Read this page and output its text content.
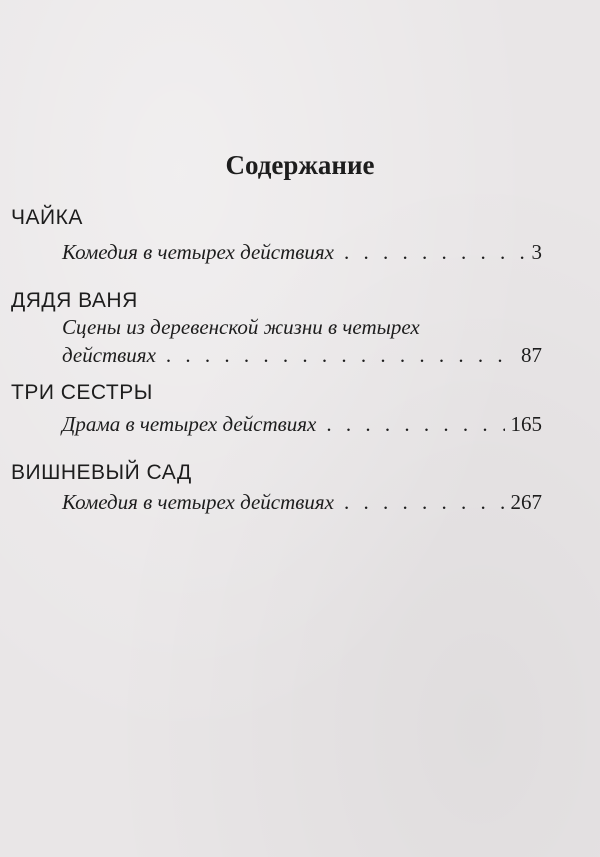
Содержание
ЧАЙКА
Комедия в четырех действиях . . .	3
ДЯДЯ ВАНЯ
Сцены из деревенской жизни в четырех
действиях . . .	87
ТРИ СЕСТРЫ
Драма в четырех действиях . . .	165
ВИШНЕВЫЙ САД
Комедия в четырех действиях . . .	267
